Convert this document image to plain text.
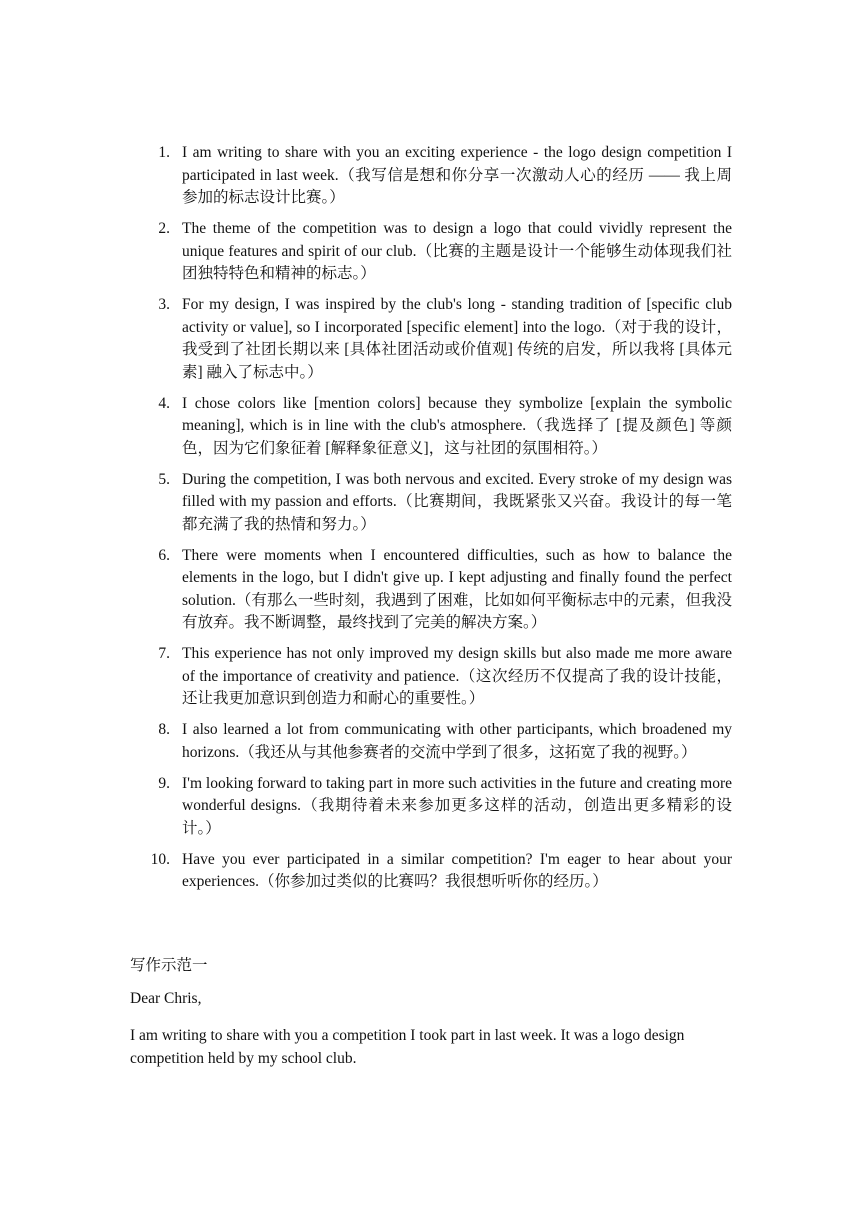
1. I am writing to share with you an exciting experience - the logo design competition I participated in last week.（我写信是想和你分享一次激动人心的经历 —— 我上周参加的标志设计比赛。）
2. The theme of the competition was to design a logo that could vividly represent the unique features and spirit of our club.（比赛的主题是设计一个能够生动体现我们社团独特特色和精神的标志。）
3. For my design, I was inspired by the club's long - standing tradition of [specific club activity or value], so I incorporated [specific element] into the logo.（对于我的设计，我受到了社团长期以来 [具体社团活动或价值观] 传统的启发，所以我将 [具体元素] 融入了标志中。）
4. I chose colors like [mention colors] because they symbolize [explain the symbolic meaning], which is in line with the club's atmosphere.（我选择了 [提及颜色] 等颜色，因为它们象征着 [解释象征意义]，这与社团的氛围相符。）
5. During the competition, I was both nervous and excited. Every stroke of my design was filled with my passion and efforts.（比赛期间，我既紧张又兴奋。我设计的每一笔都充满了我的热情和努力。）
6. There were moments when I encountered difficulties, such as how to balance the elements in the logo, but I didn't give up. I kept adjusting and finally found the perfect solution.（有那么一些时刻，我遇到了困难，比如如何平衡标志中的元素，但我没有放弃。我不断调整，最终找到了完美的解决方案。）
7. This experience has not only improved my design skills but also made me more aware of the importance of creativity and patience.（这次经历不仅提高了我的设计技能，还让我更加意识到创造力和耐心的重要性。）
8. I also learned a lot from communicating with other participants, which broadened my horizons.（我还从与其他参赛者的交流中学到了很多，这拓宽了我的视野。）
9. I'm looking forward to taking part in more such activities in the future and creating more wonderful designs.（我期待着未来参加更多这样的活动，创造出更多精彩的设计。）
10. Have you ever participated in a similar competition? I'm eager to hear about your experiences.（你参加过类似的比赛吗？我很想听听你的经历。）
写作示范一
Dear Chris,

I am writing to share with you a competition I took part in last week. It was a logo design competition held by my school club.
